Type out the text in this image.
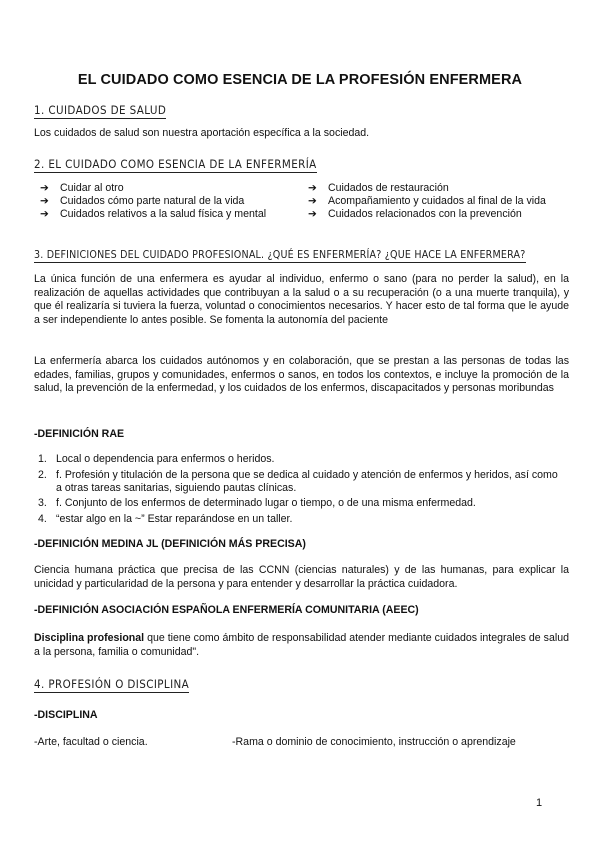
EL CUIDADO COMO ESENCIA DE LA PROFESIÓN ENFERMERA
1. CUIDADOS DE SALUD
Los cuidados de salud son nuestra aportación específica a la sociedad.
2. EL CUIDADO COMO ESENCIA DE LA ENFERMERÍA
➔ Cuidar al otro
➔ Cuidados cómo parte natural de la vida
➔ Cuidados relativos a la salud física y mental
➔ Cuidados de restauración
➔ Acompañamiento y cuidados al final de la vida
➔ Cuidados relacionados con la prevención
3. DEFINICIONES DEL CUIDADO PROFESIONAL. ¿QUÉ ES ENFERMERÍA? ¿QUE HACE LA ENFERMERA?
La única función de una enfermera es ayudar al individuo, enfermo o sano (para no perder la salud), en la realización de aquellas actividades que contribuyan a la salud o a su recuperación (o a una muerte tranquila), y que él realizaría si tuviera la fuerza, voluntad o conocimientos necesarios. Y hacer esto de tal forma que le ayude a ser independiente lo antes posible. Se fomenta la autonomía del paciente
La enfermería abarca los cuidados autónomos y en colaboración, que se prestan a las personas de todas las edades, familias, grupos y comunidades, enfermos o sanos, en todos los contextos, e incluye la promoción de la salud, la prevención de la enfermedad, y los cuidados de los enfermos, discapacitados y personas moribundas
-DEFINICIÓN RAE
1. Local o dependencia para enfermos o heridos.
2. f. Profesión y titulación de la persona que se dedica al cuidado y atención de enfermos y heridos, así como a otras tareas sanitarias, siguiendo pautas clínicas.
3. f. Conjunto de los enfermos de determinado lugar o tiempo, o de una misma enfermedad.
4. “estar algo en la ~” Estar reparándose en un taller.
-DEFINICIÓN MEDINA JL (DEFINICIÓN MÁS PRECISA)
Ciencia humana práctica que precisa de las CCNN (ciencias naturales) y de las humanas, para explicar la unicidad y particularidad de la persona y para entender y desarrollar la práctica cuidadora.
-DEFINICIÓN ASOCIACIÓN ESPAÑOLA ENFERMERÍA COMUNITARIA (AEEC)
Disciplina profesional que tiene como ámbito de responsabilidad atender mediante cuidados integrales de salud a la persona, familia o comunidad".
4. PROFESIÓN O DISCIPLINA
-DISCIPLINA
-Arte, facultad o ciencia.	-Rama o dominio de conocimiento, instrucción o aprendizaje
1
